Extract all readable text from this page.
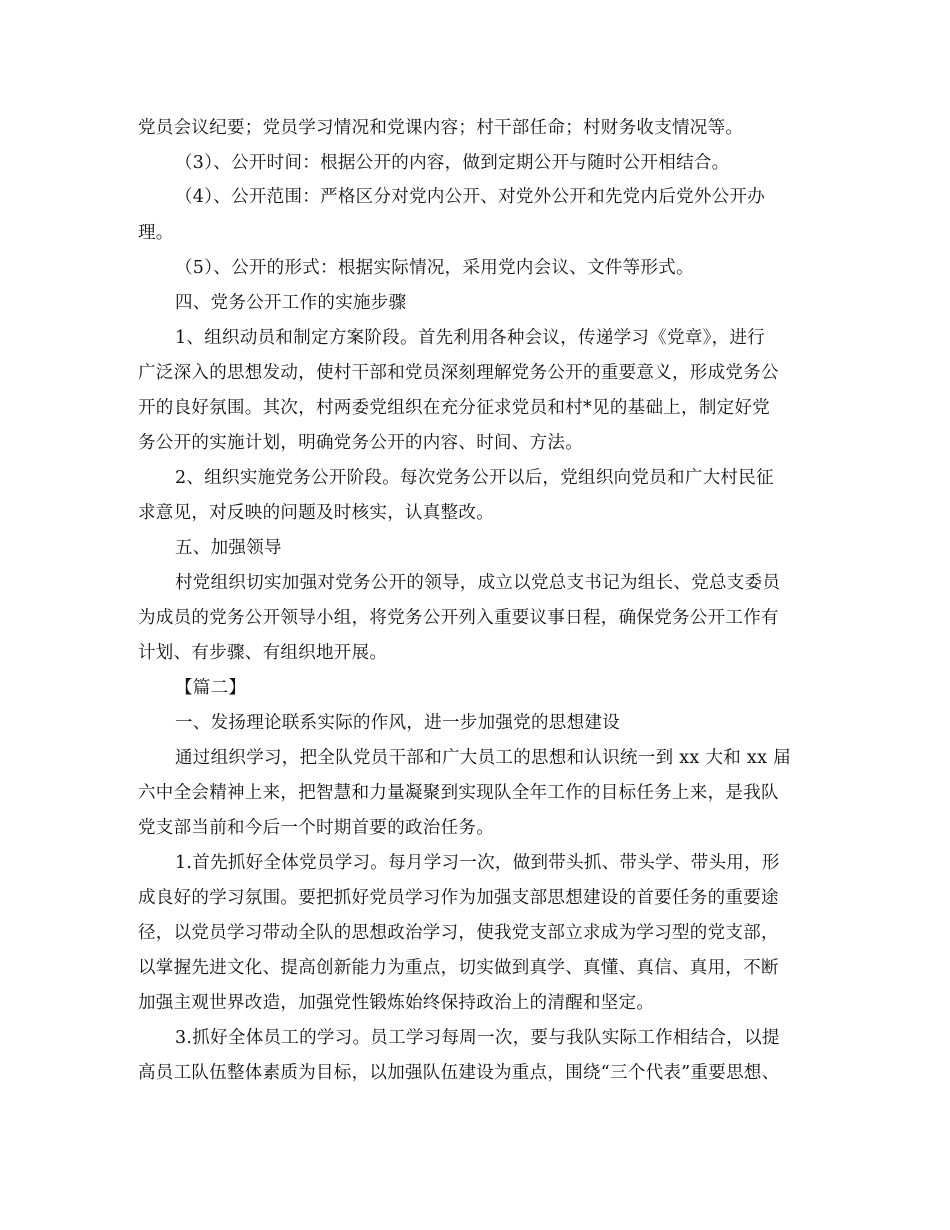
党员会议纪要；党员学习情况和党课内容；村干部任命；村财务收支情况等。
（3）、公开时间：根据公开的内容，做到定期公开与随时公开相结合。
（4）、公开范围：严格区分对党内公开、对党外公开和先党内后党外公开办
理。
（5）、公开的形式：根据实际情况，采用党内会议、文件等形式。
四、党务公开工作的实施步骤
1、组织动员和制定方案阶段。首先利用各种会议，传递学习《党章》，进行
广泛深入的思想发动，使村干部和党员深刻理解党务公开的重要意义，形成党务公
开的良好氛围。其次，村两委党组织在充分征求党员和村*见的基础上，制定好党
务公开的实施计划，明确党务公开的内容、时间、方法。
2、组织实施党务公开阶段。每次党务公开以后，党组织向党员和广大村民征
求意见，对反映的问题及时核实，认真整改。
五、加强领导
村党组织切实加强对党务公开的领导，成立以党总支书记为组长、党总支委员
为成员的党务公开领导小组，将党务公开列入重要议事日程，确保党务公开工作有
计划、有步骤、有组织地开展。
【篇二】
一、发扬理论联系实际的作风，进一步加强党的思想建设
通过组织学习，把全队党员干部和广大员工的思想和认识统一到 xx 大和 xx 届
六中全会精神上来，把智慧和力量凝聚到实现队全年工作的目标任务上来，是我队
党支部当前和今后一个时期首要的政治任务。
1.首先抓好全体党员学习。每月学习一次，做到带头抓、带头学、带头用，形
成良好的学习氛围。要把抓好党员学习作为加强支部思想建设的首要任务的重要途
径，以党员学习带动全队的思想政治学习，使我党支部立求成为学习型的党支部，
以掌握先进文化、提高创新能力为重点，切实做到真学、真懂、真信、真用，不断
加强主观世界改造，加强党性锻炼始终保持政治上的清醒和坚定。
3.抓好全体员工的学习。员工学习每周一次，要与我队实际工作相结合，以提
高员工队伍整体素质为目标，以加强队伍建设为重点，围绕“三个代表”重要思想、
